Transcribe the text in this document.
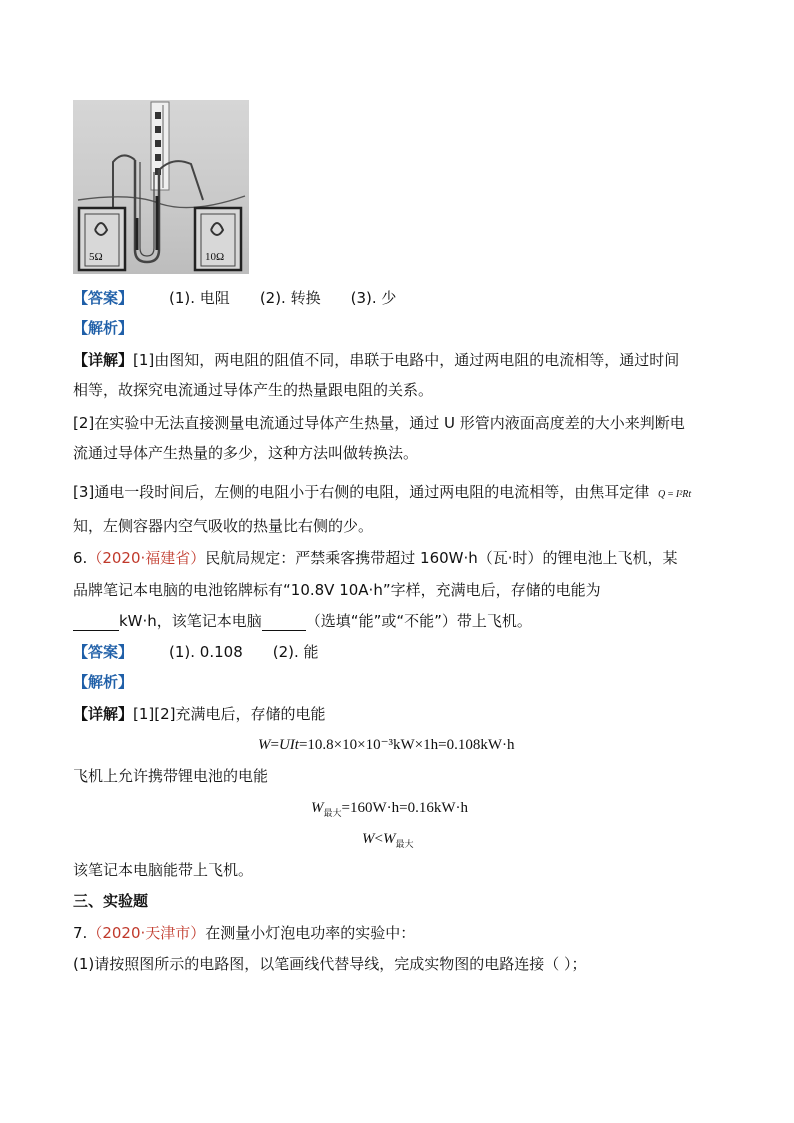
5Ω	10Ω
【答案】 (1). 电阻 (2). 转换 (3). 少
【解析】
【详解】[1]由图知，两电阻的阻值不同，串联于电路中，通过两电阻的电流相等，通过时间
相等，故探究电流通过导体产生的热量跟电阻的关系。
[2]在实验中无法直接测量电流通过导体产生热量，通过 U 形管内液面高度差的大小来判断电
流通过导体产生热量的多少，这种方法叫做转换法。
[3]通电一段时间后，左侧的电阻小于右侧的电阻，通过两电阻的电流相等，由焦耳定律 Q = I²Rt
知，左侧容器内空气吸收的热量比右侧的少。
6.（2020·福建省）民航局规定：严禁乘客携带超过 160W·h（瓦·时）的锂电池上飞机，某
品牌笔记本电脑的电池铭牌标有“10.8V 10A·h”字样，充满电后，存储的电能为
kW·h，该笔记本电脑	（选填“能”或“不能”）带上飞机。
【答案】 (1). 0.108 (2). 能
【解析】
【详解】[1][2]充满电后，存储的电能
W=UIt=10.8×10×10⁻³kW×1h=0.108kW·h
飞机上允许携带锂电池的电能
$W_{最大}=160W\cdot h=0.16kW\cdot h$
$W<W_{最大}$
该笔记本电脑能带上飞机。
三、实验题
7.（2020·天津市）在测量小灯泡电功率的实验中：
(1)请按照图所示的电路图，以笔画线代替导线，完成实物图的电路连接（ ）；
